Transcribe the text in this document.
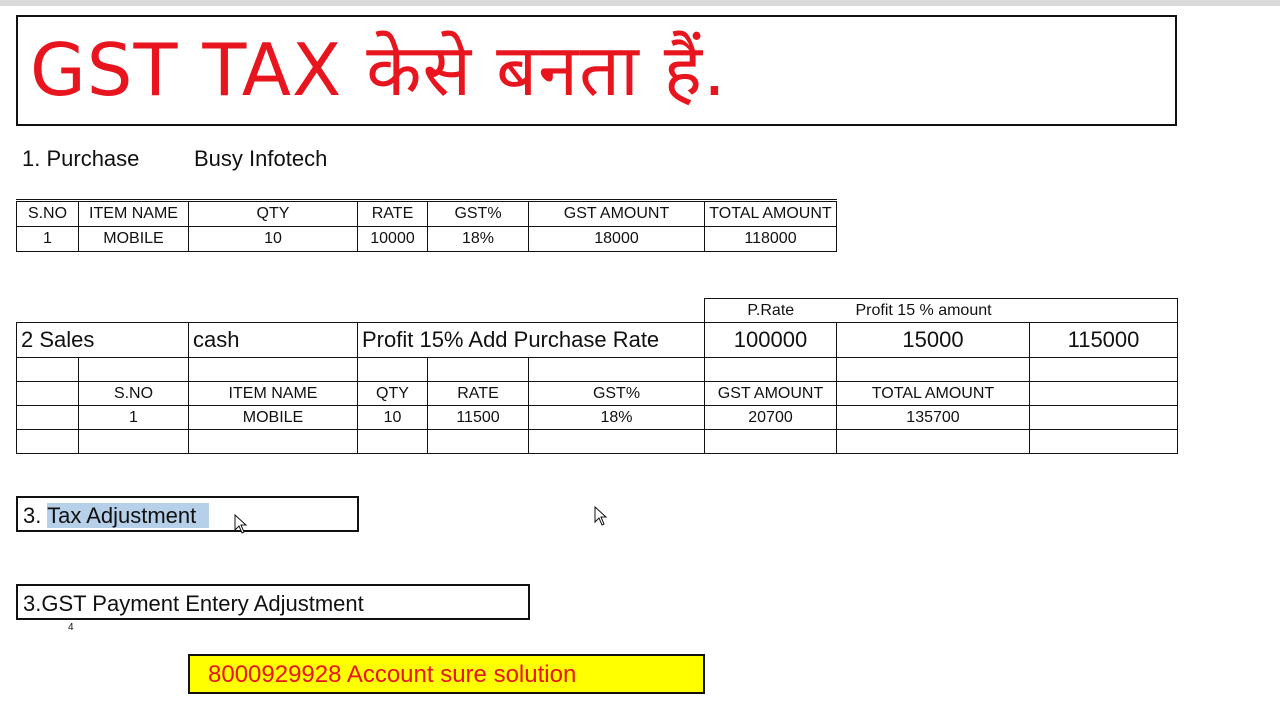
GST TAX केसे बनता हैं.
1. Purchase Busy Infotech
S.NO	ITEM NAME	QTY	RATE	GST%	GST AMOUNT	TOTAL AMOUNT
1	MOBILE	10	10000	18%	18000	118000
						P.Rate	Profit 15 % amount	
2 Sales		cash	Profit 15% Add Purchase Rate			100000	15000	115000

	S.NO	ITEM NAME	QTY	RATE	GST%	GST AMOUNT	TOTAL AMOUNT	
	1	MOBILE	10	11500	18%	20700	135700	

3. Tax Adjustment
3.GST Payment Entery Adjustment
4
8000929928 Account sure solution
